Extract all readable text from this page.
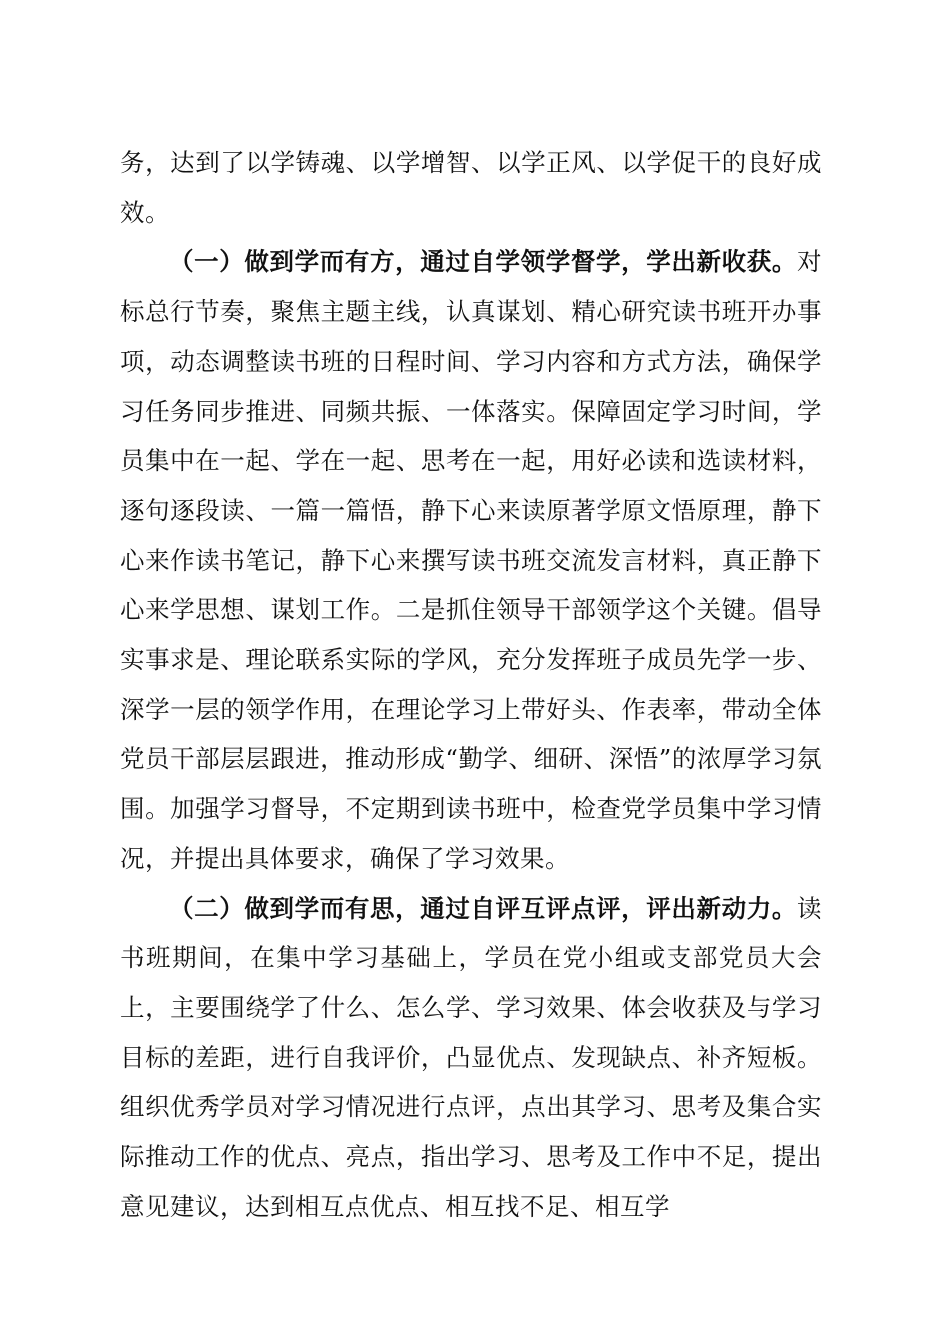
务，达到了以学铸魂、以学增智、以学正风、以学促干的良好成效。

（一）做到学而有方，通过自学领学督学，学出新收获。对标总行节奏，聚焦主题主线，认真谋划、精心研究读书班开办事项，动态调整读书班的日程时间、学习内容和方式方法，确保学习任务同步推进、同频共振、一体落实。保障固定学习时间，学员集中在一起、学在一起、思考在一起，用好必读和选读材料，逐句逐段读、一篇一篇悟，静下心来读原著学原文悟原理，静下心来作读书笔记，静下心来撰写读书班交流发言材料，真正静下心来学思想、谋划工作。二是抓住领导干部领学这个关键。倡导实事求是、理论联系实际的学风，充分发挥班子成员先学一步、深学一层的领学作用，在理论学习上带好头、作表率，带动全体党员干部层层跟进，推动形成“勤学、细研、深悟”的浓厚学习氛围。加强学习督导，不定期到读书班中，检查党学员集中学习情况，并提出具体要求，确保了学习效果。

（二）做到学而有思，通过自评互评点评，评出新动力。读书班期间，在集中学习基础上，学员在党小组或支部党员大会上，主要围绕学了什么、怎么学、学习效果、体会收获及与学习目标的差距，进行自我评价，凸显优点、发现缺点、补齐短板。组织优秀学员对学习情况进行点评，点出其学习、思考及集合实际推动工作的优点、亮点，指出学习、思考及工作中不足，提出意见建议，达到相互点优点、相互找不足、相互学
